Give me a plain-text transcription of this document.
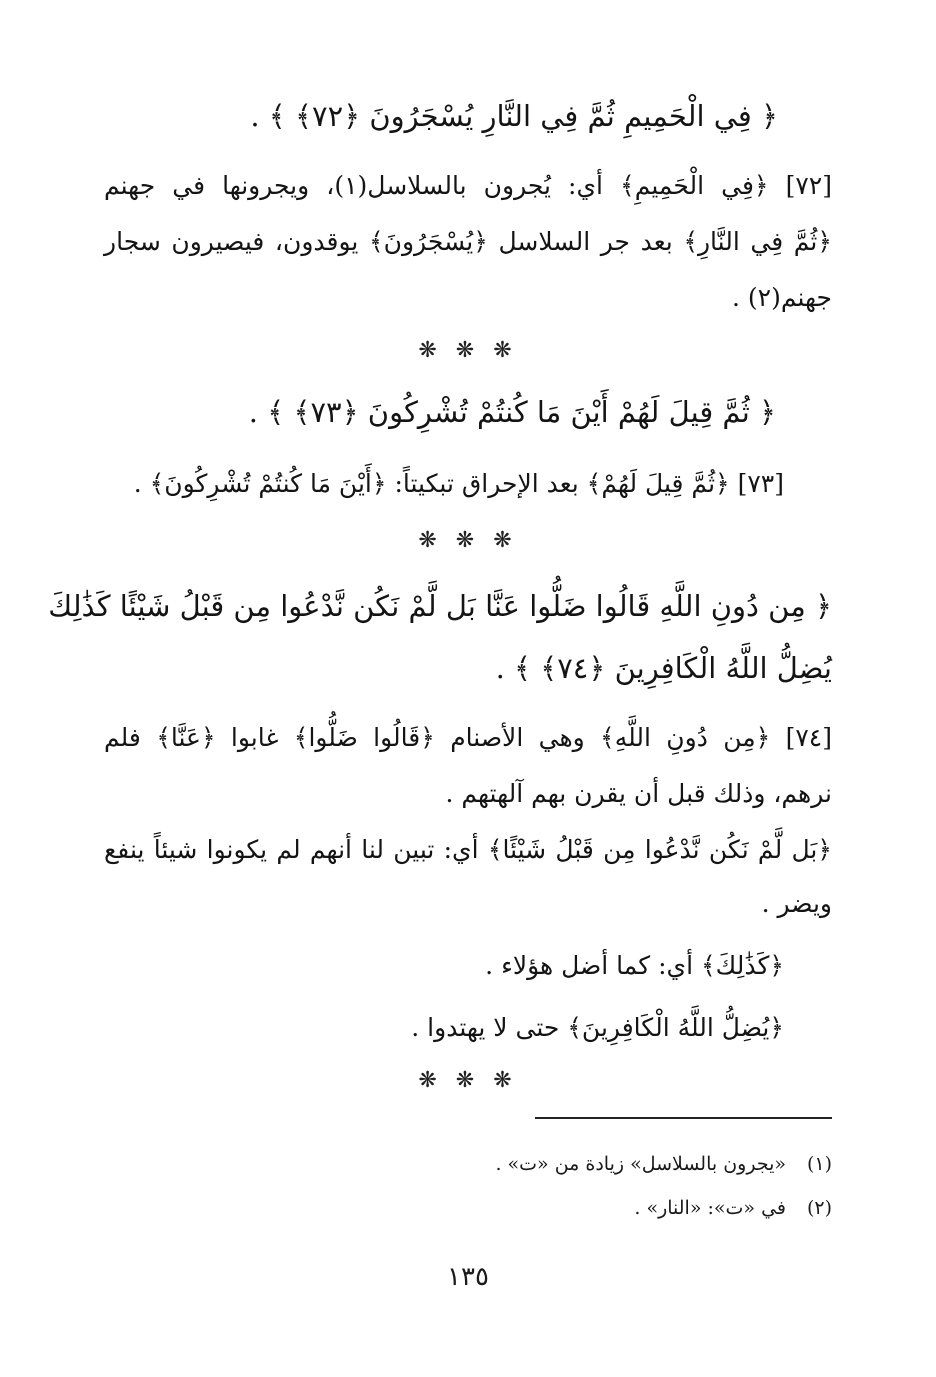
﴿ فِي الْحَمِيمِ ثُمَّ فِي النَّارِ يُسْجَرُونَ ﴿٧٢﴾ ﴾ .
[٧٢] ﴿فِي الْحَمِيمِ﴾ أي: يُجرون بالسلاسل(١)، ويجرونها في جهنم
﴿ثُمَّ فِي النَّارِ﴾ بعد جر السلاسل ﴿يُسْجَرُونَ﴾ يوقدون، فيصيرون سجار
جهنم(٢) .
❋ ❋ ❋
﴿ ثُمَّ قِيلَ لَهُمْ أَيْنَ مَا كُنتُمْ تُشْرِكُونَ ﴿٧٣﴾ ﴾ .
[٧٣] ﴿ثُمَّ قِيلَ لَهُمْ﴾ بعد الإحراق تبكيتاً: ﴿أَيْنَ مَا كُنتُمْ تُشْرِكُونَ﴾ .
❋ ❋ ❋
﴿ مِن دُونِ اللَّهِ قَالُوا ضَلُّوا عَنَّا بَل لَّمْ نَكُن نَّدْعُوا مِن قَبْلُ شَيْئًا كَذَٰلِكَ
يُضِلُّ اللَّهُ الْكَافِرِينَ ﴿٧٤﴾ ﴾ .
[٧٤] ﴿مِن دُونِ اللَّهِ﴾ وهي الأصنام ﴿قَالُوا ضَلُّوا﴾ غابوا ﴿عَنَّا﴾ فلم
نرهم، وذلك قبل أن يقرن بهم آلهتهم .
﴿بَل لَّمْ نَكُن نَّدْعُوا مِن قَبْلُ شَيْئًا﴾ أي: تبين لنا أنهم لم يكونوا شيئاً ينفع
ويضر .
﴿كَذَٰلِكَ﴾ أي: كما أضل هؤلاء .
﴿يُضِلُّ اللَّهُ الْكَافِرِينَ﴾ حتى لا يهتدوا .
❋ ❋ ❋
(١)
«يجرون بالسلاسل» زيادة من «ت» .
(٢)
في «ت»: «النار» .
١٣٥
